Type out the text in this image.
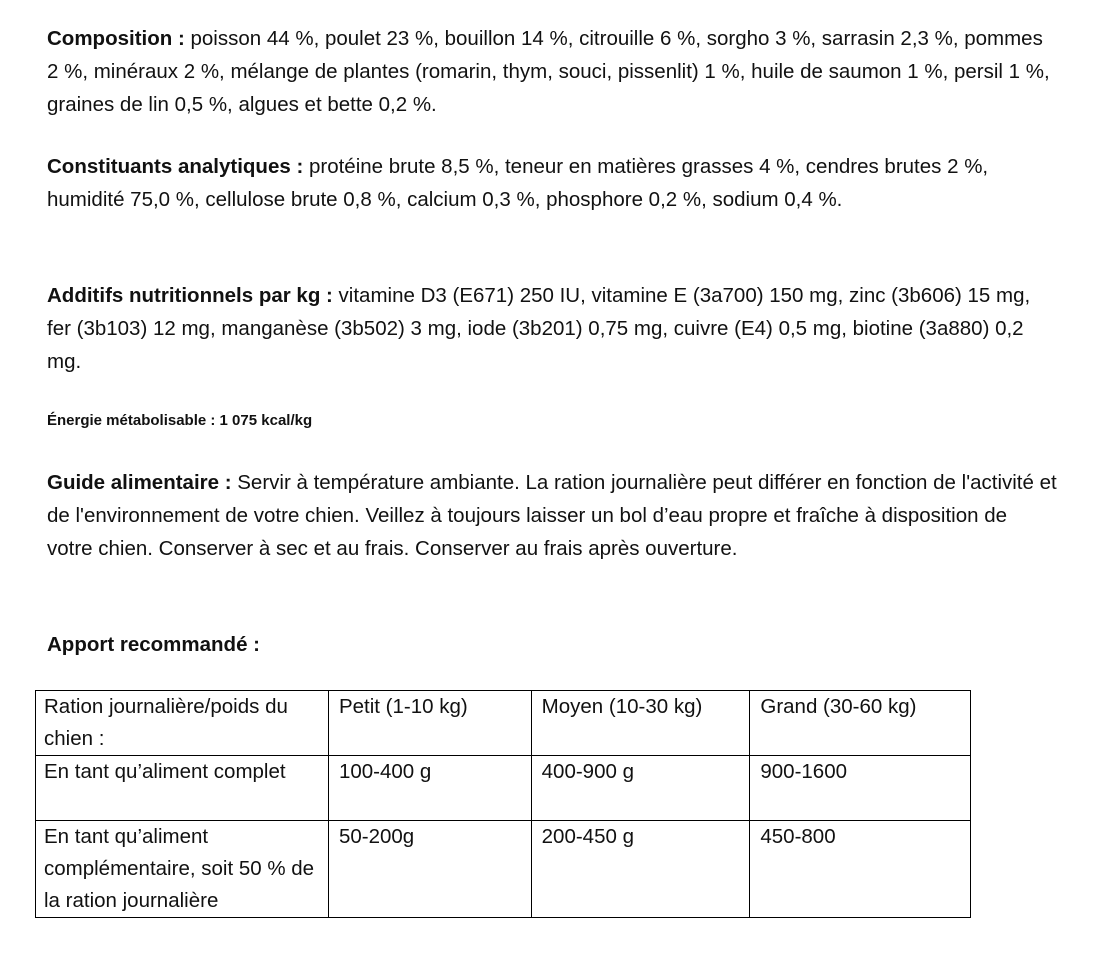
Composition : poisson 44 %, poulet 23 %, bouillon 14 %, citrouille 6 %, sorgho 3 %, sarrasin 2,3 %, pommes 2 %, minéraux 2 %, mélange de plantes (romarin, thym, souci, pissenlit) 1 %, huile de saumon 1 %, persil 1 %, graines de lin 0,5 %, algues et bette 0,2 %.

Constituants analytiques : protéine brute 8,5 %, teneur en matières grasses 4 %, cendres brutes 2 %, humidité 75,0 %, cellulose brute 0,8 %, calcium 0,3 %, phosphore 0,2 %, sodium 0,4 %.

Additifs nutritionnels par kg : vitamine D3 (E671) 250 IU, vitamine E (3a700) 150 mg, zinc (3b606) 15 mg, fer (3b103) 12 mg, manganèse (3b502) 3 mg, iode (3b201) 0,75 mg, cuivre (E4) 0,5 mg, biotine (3a880) 0,2 mg.

Énergie métabolisable : 1 075 kcal/kg

Guide alimentaire : Servir à température ambiante. La ration journalière peut différer en fonction de l'activité et de l'environnement de votre chien. Veillez à toujours laisser un bol d’eau propre et fraîche à disposition de votre chien. Conserver à sec et au frais. Conserver au frais après ouverture.

Apport recommandé :

Ration journalière/poids du chien :	Petit (1-10 kg)	Moyen (10-30 kg)	Grand (30-60 kg)
En tant qu’aliment complet	100-400 g	400-900 g	900-1600
En tant qu’aliment complémentaire, soit 50 % de la ration journalière	50-200g	200-450 g	450-800
